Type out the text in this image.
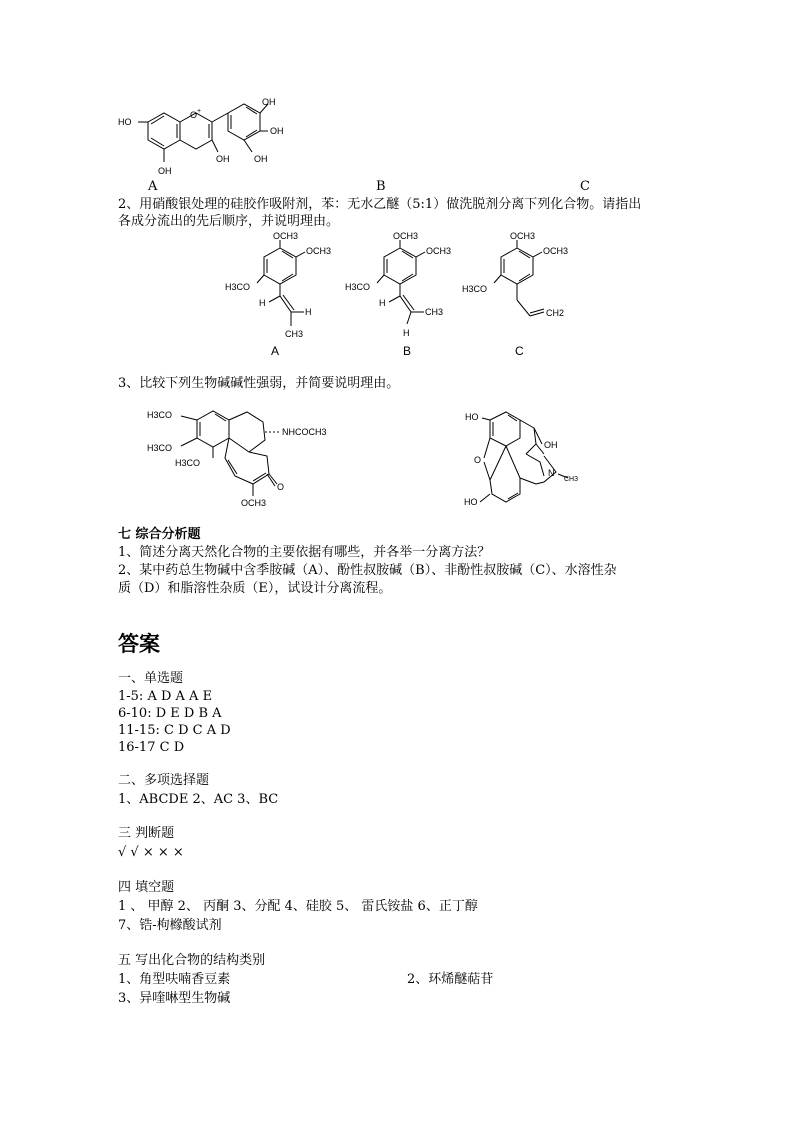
HO
O +
OH
OH
OH
OH
OH
A	B	C
2、用硝酸银处理的硅胶作吸附剂，苯：无水乙醚（5:1）做洗脱剂分离下列化合物。请指出
各成分流出的先后顺序，并说明理由。
OCH3
OCH3
H3CO
H
H
CH3
OCH3
OCH3
H3CO
H
CH3
H
OCH3
OCH3
H3CO
CH2
A	B	C
3、比较下列生物碱碱性强弱，并简要说明理由。
H3CO
H3CO
H3CO
NHCOCH3
O
OCH3
HO
OH
O
N
CH3
HO
七 综合分析题
1、简述分离天然化合物的主要依据有哪些，并各举一分离方法？
2、某中药总生物碱中含季胺碱（A）、酚性叔胺碱（B）、非酚性叔胺碱（C）、水溶性杂
质（D）和脂溶性杂质（E），试设计分离流程。
答案
一、单选题
1-5: A D A A E
6-10: D E D B A
11-15: C D C A D
16-17 C D
二、多项选择题
1、ABCDE 2、AC 3、BC
三 判断题
√ √ × × ×
四 填空题
1 、 甲醇 2、 丙酮 3、分配 4、硅胶 5、 雷氏铵盐 6、正丁醇
7、锆-枸橼酸试剂
五 写出化合物的结构类别
1、角型呋喃香豆素	2、环烯醚萜苷
3、异喹啉型生物碱
